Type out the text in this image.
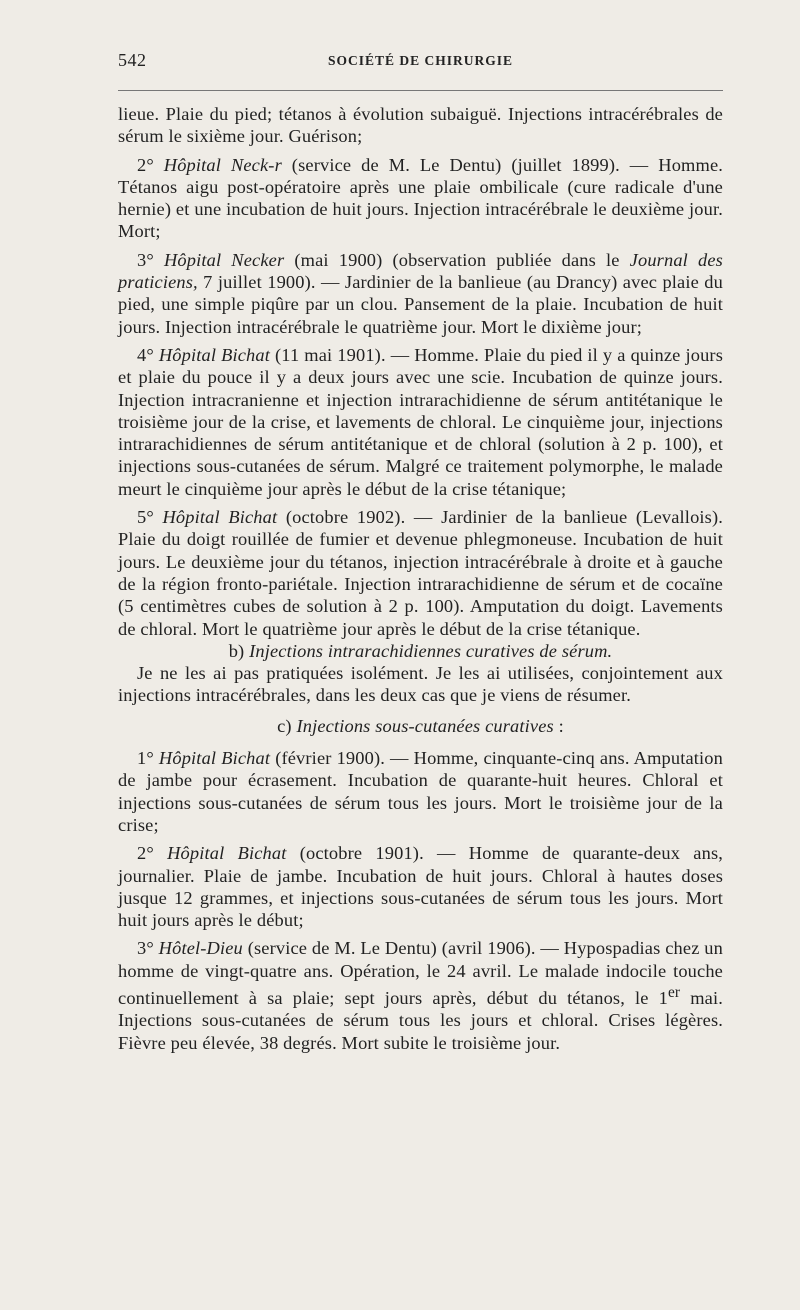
542	SOCIÉTÉ DE CHIRURGIE

lieue. Plaie du pied; tétanos à évolution subaiguë. Injections intracérébrales de sérum le sixième jour. Guérison;

2° Hôpital Neck-r (service de M. Le Dentu) (juillet 1899). — Homme. Tétanos aigu post-opératoire après une plaie ombilicale (cure radicale d'une hernie) et une incubation de huit jours. Injection intracérébrale le deuxième jour. Mort;

3° Hôpital Necker (mai 1900) (observation publiée dans le Journal des praticiens, 7 juillet 1900). — Jardinier de la banlieue (au Drancy) avec plaie du pied, une simple piqûre par un clou. Pansement de la plaie. Incubation de huit jours. Injection intracérébrale le quatrième jour. Mort le dixième jour;

4° Hôpital Bichat (11 mai 1901). — Homme. Plaie du pied il y a quinze jours et plaie du pouce il y a deux jours avec une scie. Incubation de quinze jours. Injection intracranienne et injection intrarachidienne de sérum antitétanique le troisième jour de la crise, et lavements de chloral. Le cinquième jour, injections intrarachidiennes de sérum antitétanique et de chloral (solution à 2 p. 100), et injections sous-cutanées de sérum. Malgré ce traitement polymorphe, le malade meurt le cinquième jour après le début de la crise tétanique;

5° Hôpital Bichat (octobre 1902). — Jardinier de la banlieue (Levallois). Plaie du doigt rouillée de fumier et devenue phlegmoneuse. Incubation de huit jours. Le deuxième jour du tétanos, injection intracérébrale à droite et à gauche de la région fronto-pariétale. Injection intrarachidienne de sérum et de cocaïne (5 centimètres cubes de solution à 2 p. 100). Amputation du doigt. Lavements de chloral. Mort le quatrième jour après le début de la crise tétanique.

b) Injections intrarachidiennes curatives de sérum.

Je ne les ai pas pratiquées isolément. Je les ai utilisées, conjointement aux injections intracérébrales, dans les deux cas que je viens de résumer.

c) Injections sous-cutanées curatives :

1° Hôpital Bichat (février 1900). — Homme, cinquante-cinq ans. Amputation de jambe pour écrasement. Incubation de quarante-huit heures. Chloral et injections sous-cutanées de sérum tous les jours. Mort le troisième jour de la crise;

2° Hôpital Bichat (octobre 1901). — Homme de quarante-deux ans, journalier. Plaie de jambe. Incubation de huit jours. Chloral à hautes doses jusque 12 grammes, et injections sous-cutanées de sérum tous les jours. Mort huit jours après le début;

3° Hôtel-Dieu (service de M. Le Dentu) (avril 1906). — Hypospadias chez un homme de vingt-quatre ans. Opération, le 24 avril. Le malade indocile touche continuellement à sa plaie; sept jours après, début du tétanos, le 1er mai. Injections sous-cutanées de sérum tous les jours et chloral. Crises légères. Fièvre peu élevée, 38 degrés. Mort subite le troisième jour.
